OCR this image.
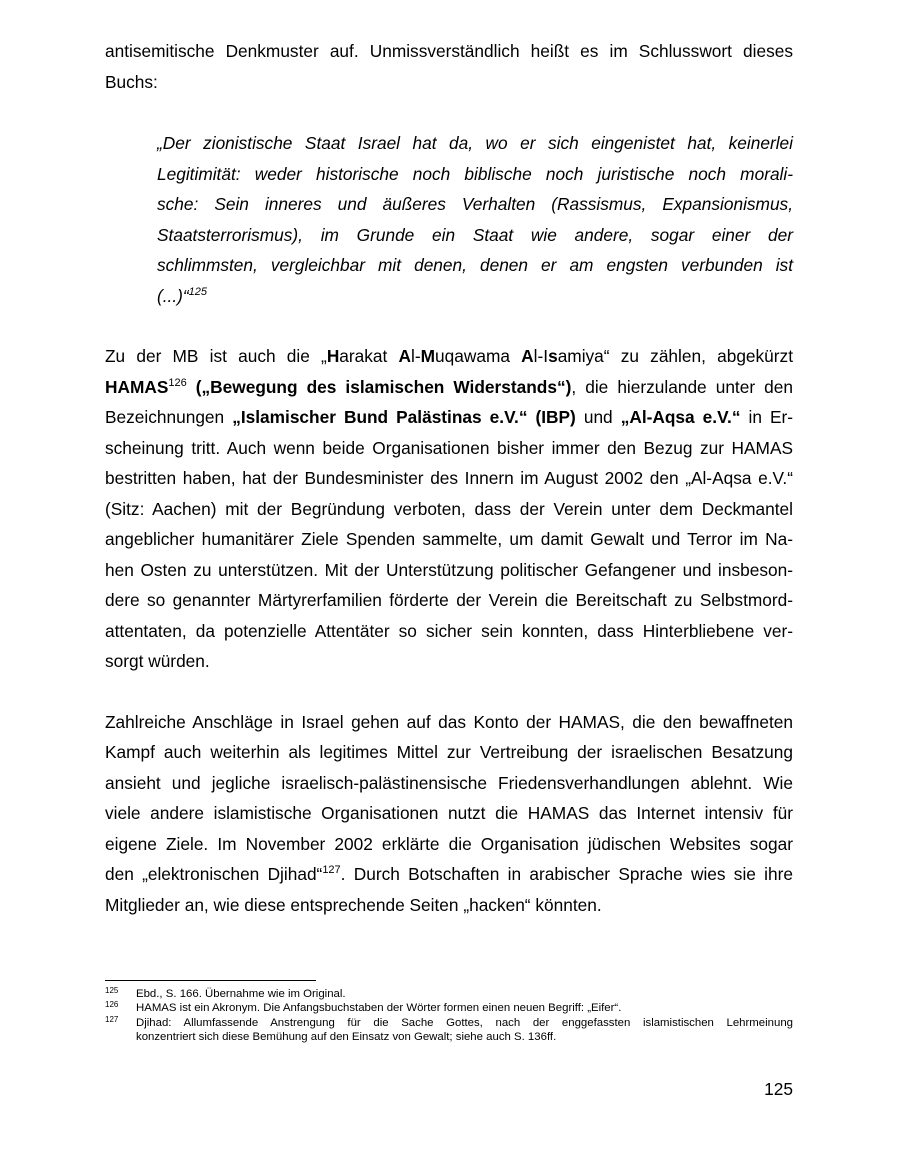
antisemitische Denkmuster auf. Unmissverständlich heißt es im Schlusswort dieses
Buchs:

„Der zionistische Staat Israel hat da, wo er sich eingenistet hat, keinerlei
Legitimität: weder historische noch biblische noch juristische noch morali-
sche: Sein inneres und äußeres Verhalten (Rassismus, Expansionismus,
Staatsterrorismus), im Grunde ein Staat wie andere, sogar einer der
schlimmsten, vergleichbar mit denen, denen er am engsten verbunden ist
(...)“$^{125}$

Zu der MB ist auch die „Harakat Al-Muqawama Al-Isamiya“ zu zählen, abgekürzt
HAMAS$^{126}$ („Bewegung des islamischen Widerstands“), die hierzulande unter den
Bezeichnungen „Islamischer Bund Palästinas e.V.“ (IBP) und „Al-Aqsa e.V.“ in Er-
scheinung tritt. Auch wenn beide Organisationen bisher immer den Bezug zur HAMAS
bestritten haben, hat der Bundesminister des Innern im August 2002 den „Al-Aqsa e.V.“
(Sitz: Aachen) mit der Begründung verboten, dass der Verein unter dem Deckmantel
angeblicher humanitärer Ziele Spenden sammelte, um damit Gewalt und Terror im Na-
hen Osten zu unterstützen. Mit der Unterstützung politischer Gefangener und insbeson-
dere so genannter Märtyrerfamilien förderte der Verein die Bereitschaft zu Selbstmord-
attentaten, da potenzielle Attentäter so sicher sein konnten, dass Hinterbliebene ver-
sorgt würden.

Zahlreiche Anschläge in Israel gehen auf das Konto der HAMAS, die den bewaffneten
Kampf auch weiterhin als legitimes Mittel zur Vertreibung der israelischen Besatzung
ansieht und jegliche israelisch-palästinensische Friedensverhandlungen ablehnt. Wie
viele andere islamistische Organisationen nutzt die HAMAS das Internet intensiv für
eigene Ziele. Im November 2002 erklärte die Organisation jüdischen Websites sogar
den „elektronischen Djihad“$^{127}$. Durch Botschaften in arabischer Sprache wies sie ihre
Mitglieder an, wie diese entsprechende Seiten „hacken“ könnten.

125	Ebd., S. 166. Übernahme wie im Original.
126	HAMAS ist ein Akronym. Die Anfangsbuchstaben der Wörter formen einen neuen Begriff: „Eifer“.
127	Djihad: Allumfassende Anstrengung für die Sache Gottes, nach der enggefassten islamistischen Lehrmeinung
konzentriert sich diese Bemühung auf den Einsatz von Gewalt; siehe auch S. 136ff.
125
